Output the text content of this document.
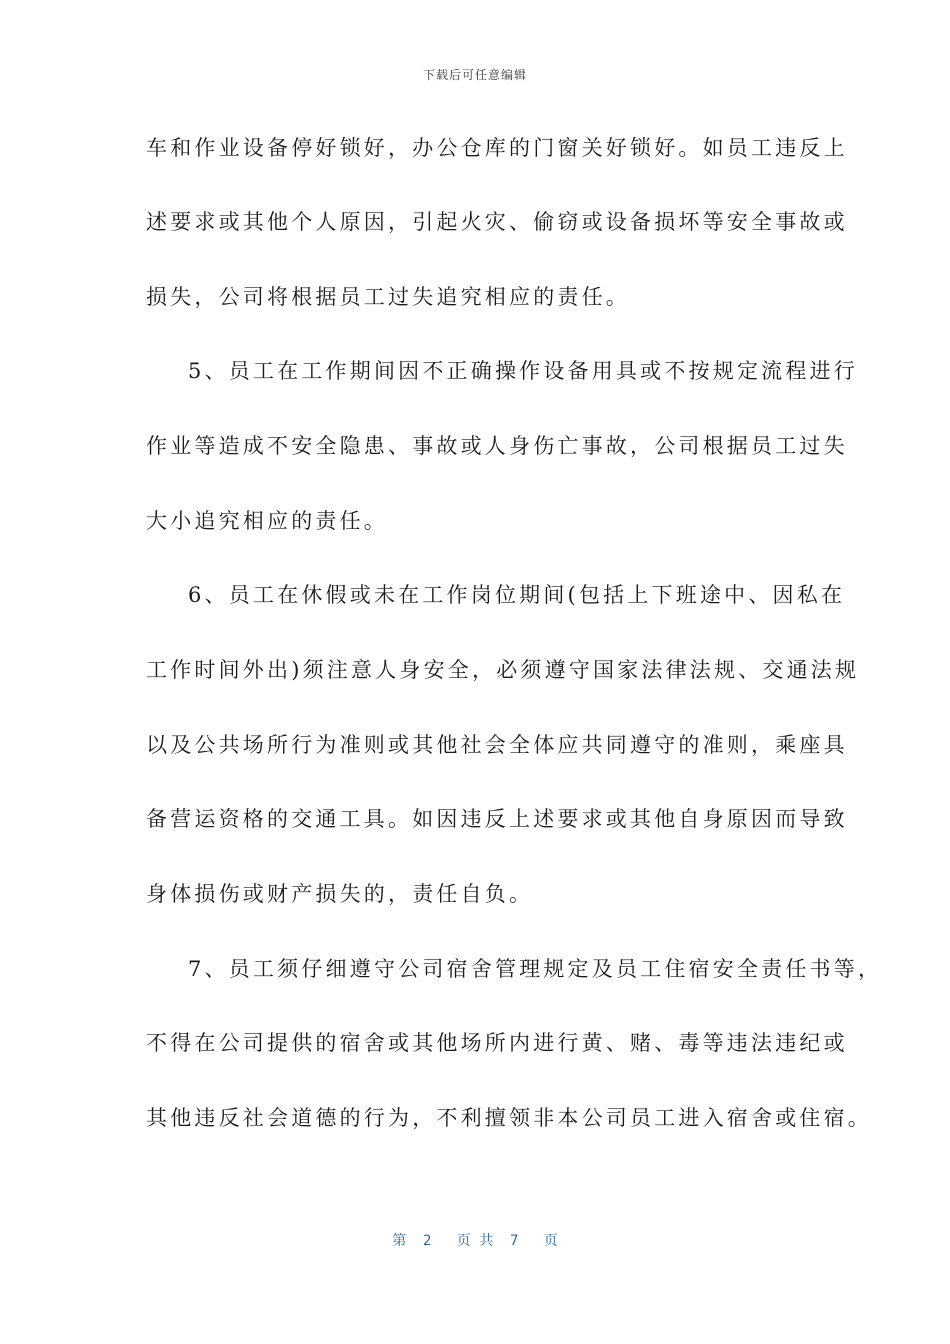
下载后可任意编辑
车和作业设备停好锁好，办公仓库的门窗关好锁好。如员工违反上
述要求或其他个人原因，引起火灾、偷窃或设备损坏等安全事故或
损失，公司将根据员工过失追究相应的责任。
5、员工在工作期间因不正确操作设备用具或不按规定流程进行
作业等造成不安全隐患、事故或人身伤亡事故，公司根据员工过失
大小追究相应的责任。
6、员工在休假或未在工作岗位期间(包括上下班途中、因私在
工作时间外出)须注意人身安全，必须遵守国家法律法规、交通法规
以及公共场所行为准则或其他社会全体应共同遵守的准则，乘座具
备营运资格的交通工具。如因违反上述要求或其他自身原因而导致
身体损伤或财产损失的，责任自负。
7、员工须仔细遵守公司宿舍管理规定及员工住宿安全责任书等，
不得在公司提供的宿舍或其他场所内进行黄、赌、毒等违法违纪或
其他违反社会道德的行为，不利擅领非本公司员工进入宿舍或住宿。
第  2   页 共  7   页
